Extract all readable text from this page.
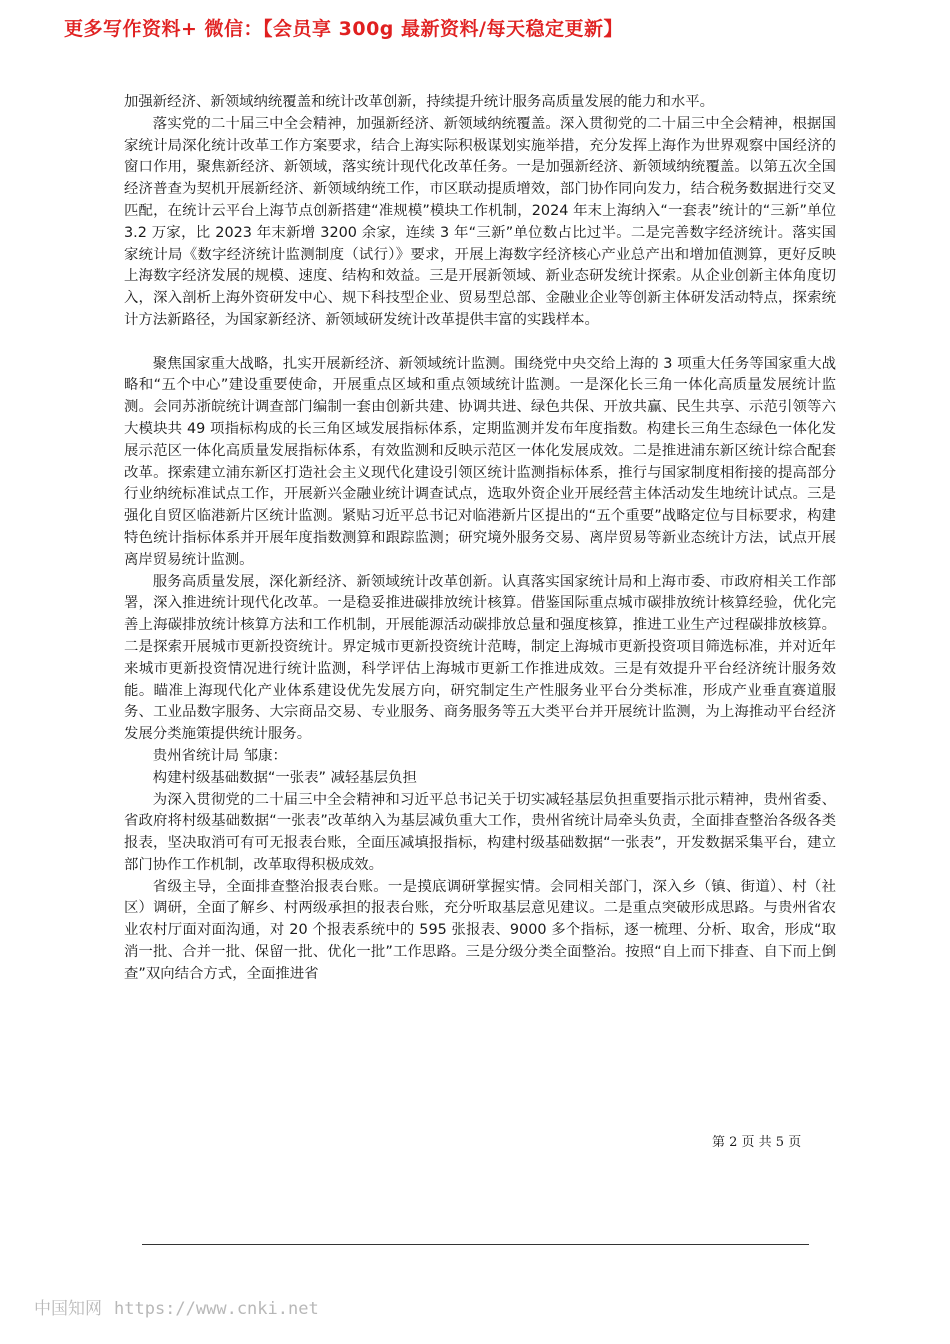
更多写作资料+ 微信：【会员享 300g 最新资料/每天稳定更新】

加强新经济、新领域纳统覆盖和统计改革创新，持续提升统计服务高质量发展的能力和水平。

落实党的二十届三中全会精神，加强新经济、新领域纳统覆盖。深入贯彻党的二十届三中全会精神，根据国家统计局深化统计改革工作方案要求，结合上海实际积极谋划实施举措，充分发挥上海作为世界观察中国经济的窗口作用，聚焦新经济、新领域，落实统计现代化改革任务。一是加强新经济、新领域纳统覆盖。以第五次全国经济普查为契机开展新经济、新领域纳统工作，市区联动提质增效，部门协作同向发力，结合税务数据进行交叉匹配，在统计云平台上海节点创新搭建“准规模”模块工作机制，2024 年末上海纳入“一套表”统计的“三新”单位 3.2 万家，比 2023 年末新增 3200 余家，连续 3 年“三新”单位数占比过半。二是完善数字经济统计。落实国家统计局《数字经济统计监测制度（试行）》要求，开展上海数字经济核心产业总产出和增加值测算，更好反映上海数字经济发展的规模、速度、结构和效益。三是开展新领域、新业态研发统计探索。从企业创新主体角度切入，深入剖析上海外资研发中心、规下科技型企业、贸易型总部、金融业企业等创新主体研发活动特点，探索统计方法新路径，为国家新经济、新领域研发统计改革提供丰富的实践样本。

聚焦国家重大战略，扎实开展新经济、新领域统计监测。围绕党中央交给上海的 3 项重大任务等国家重大战略和“五个中心”建设重要使命，开展重点区域和重点领域统计监测。一是深化长三角一体化高质量发展统计监测。会同苏浙皖统计调查部门编制一套由创新共建、协调共进、绿色共保、开放共赢、民生共享、示范引领等六大模块共 49 项指标构成的长三角区域发展指标体系，定期监测并发布年度指数。构建长三角生态绿色一体化发展示范区一体化高质量发展指标体系，有效监测和反映示范区一体化发展成效。二是推进浦东新区统计综合配套改革。探索建立浦东新区打造社会主义现代化建设引领区统计监测指标体系，推行与国家制度相衔接的提高部分行业纳统标准试点工作，开展新兴金融业统计调查试点，选取外资企业开展经营主体活动发生地统计试点。三是强化自贸区临港新片区统计监测。紧贴习近平总书记对临港新片区提出的“五个重要”战略定位与目标要求，构建特色统计指标体系并开展年度指数测算和跟踪监测；研究境外服务交易、离岸贸易等新业态统计方法，试点开展离岸贸易统计监测。

服务高质量发展，深化新经济、新领域统计改革创新。认真落实国家统计局和上海市委、市政府相关工作部署，深入推进统计现代化改革。一是稳妥推进碳排放统计核算。借鉴国际重点城市碳排放统计核算经验，优化完善上海碳排放统计核算方法和工作机制，开展能源活动碳排放总量和强度核算，推进工业生产过程碳排放核算。二是探索开展城市更新投资统计。界定城市更新投资统计范畴，制定上海城市更新投资项目筛选标准，并对近年来城市更新投资情况进行统计监测，科学评估上海城市更新工作推进成效。三是有效提升平台经济统计服务效能。瞄准上海现代化产业体系建设优先发展方向，研究制定生产性服务业平台分类标准，形成产业垂直赛道服务、工业品数字服务、大宗商品交易、专业服务、商务服务等五大类平台并开展统计监测，为上海推动平台经济发展分类施策提供统计服务。

贵州省统计局 邹康：

构建村级基础数据“一张表” 减轻基层负担

为深入贯彻党的二十届三中全会精神和习近平总书记关于切实减轻基层负担重要指示批示精神，贵州省委、省政府将村级基础数据“一张表”改革纳入为基层减负重大工作，贵州省统计局牵头负责，全面排查整治各级各类报表，坚决取消可有可无报表台账，全面压减填报指标，构建村级基础数据“一张表”，开发数据采集平台，建立部门协作工作机制，改革取得积极成效。

省级主导，全面排查整治报表台账。一是摸底调研掌握实情。会同相关部门，深入乡（镇、街道）、村（社区）调研，全面了解乡、村两级承担的报表台账，充分听取基层意见建议。二是重点突破形成思路。与贵州省农业农村厅面对面沟通，对 20 个报表系统中的 595 张报表、9000 多个指标，逐一梳理、分析、取舍，形成“取消一批、合并一批、保留一批、优化一批”工作思路。三是分级分类全面整治。按照“自上而下排查、自下而上倒查”双向结合方式，全面推进省

第 2 页 共 5 页
中国知网 https://www.cnki.net
